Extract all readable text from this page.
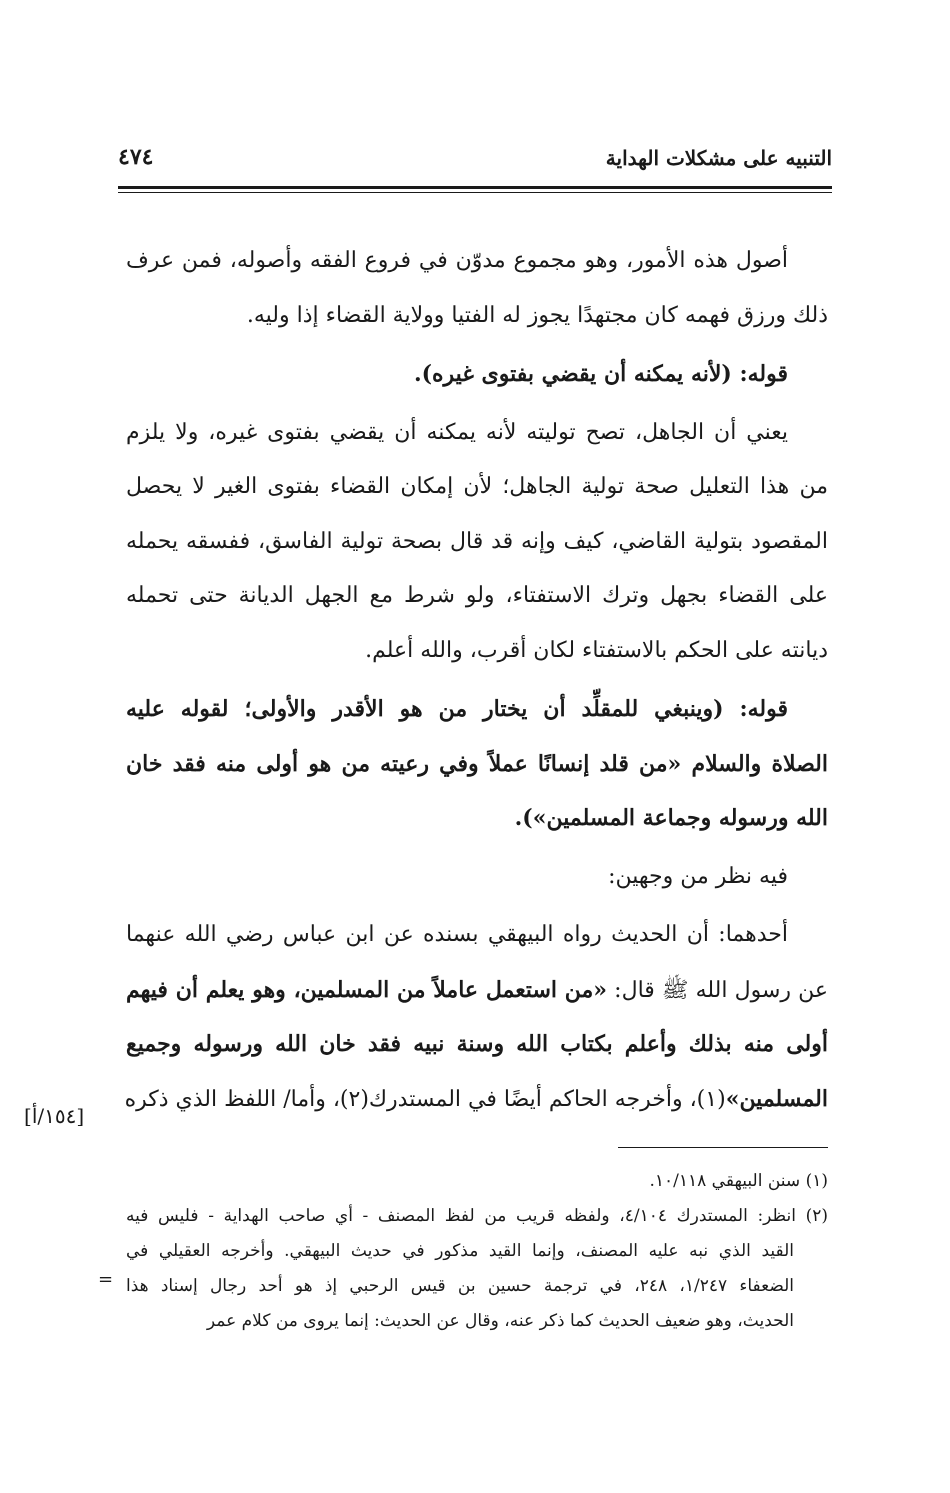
التنبيه على مشكلات الهداية
٤٧٤
أصول هذه الأمور، وهو مجموع مدوّن في فروع الفقه وأصوله، فمن عرف
ذلك ورزق فهمه كان مجتهدًا يجوز له الفتيا وولاية القضاء إذا وليه.
قوله: (لأنه يمكنه أن يقضي بفتوى غيره).
يعني أن الجاهل، تصح توليته لأنه يمكنه أن يقضي بفتوى غيره، ولا يلزم
من هذا التعليل صحة تولية الجاهل؛ لأن إمكان القضاء بفتوى الغير لا يحصل
المقصود بتولية القاضي، كيف وإنه قد قال بصحة تولية الفاسق، ففسقه يحمله
على القضاء بجهل وترك الاستفتاء، ولو شرط مع الجهل الديانة حتى تحمله
ديانته على الحكم بالاستفتاء لكان أقرب، والله أعلم.
قوله: (وينبغي للمقلِّد أن يختار من هو الأقدر والأولى؛ لقوله عليه
الصلاة والسلام «من قلد إنسانًا عملاً وفي رعيته من هو أولى منه فقد خان
الله ورسوله وجماعة المسلمين»).
فيه نظر من وجهين:
أحدهما: أن الحديث رواه البيهقي بسنده عن ابن عباس رضي الله عنهما
عن رسول الله ﷺ قال: «من استعمل عاملاً من المسلمين، وهو يعلم أن فيهم
أولى منه بذلك وأعلم بكتاب الله وسنة نبيه فقد خان الله ورسوله وجميع
المسلمين»(١)، وأخرجه الحاكم أيضًا في المستدرك(٢)، وأما/ اللفظ الذي ذكره
[١٥٤/أ]
(١) سنن البيهقي ١٠/١١٨.
(٢) انظر: المستدرك ٤/١٠٤، ولفظه قريب من لفظ المصنف - أي صاحب الهداية - فليس فيه
القيد الذي نبه عليه المصنف، وإنما القيد مذكور في حديث البيهقي. وأخرجه العقيلي في
الضعفاء ١/٢٤٧، ٢٤٨، في ترجمة حسين بن قيس الرحبي إذ هو أحد رجال إسناد هذا
الحديث، وهو ضعيف الحديث كما ذكر عنه، وقال عن الحديث: إنما يروى من كلام عمر
=
